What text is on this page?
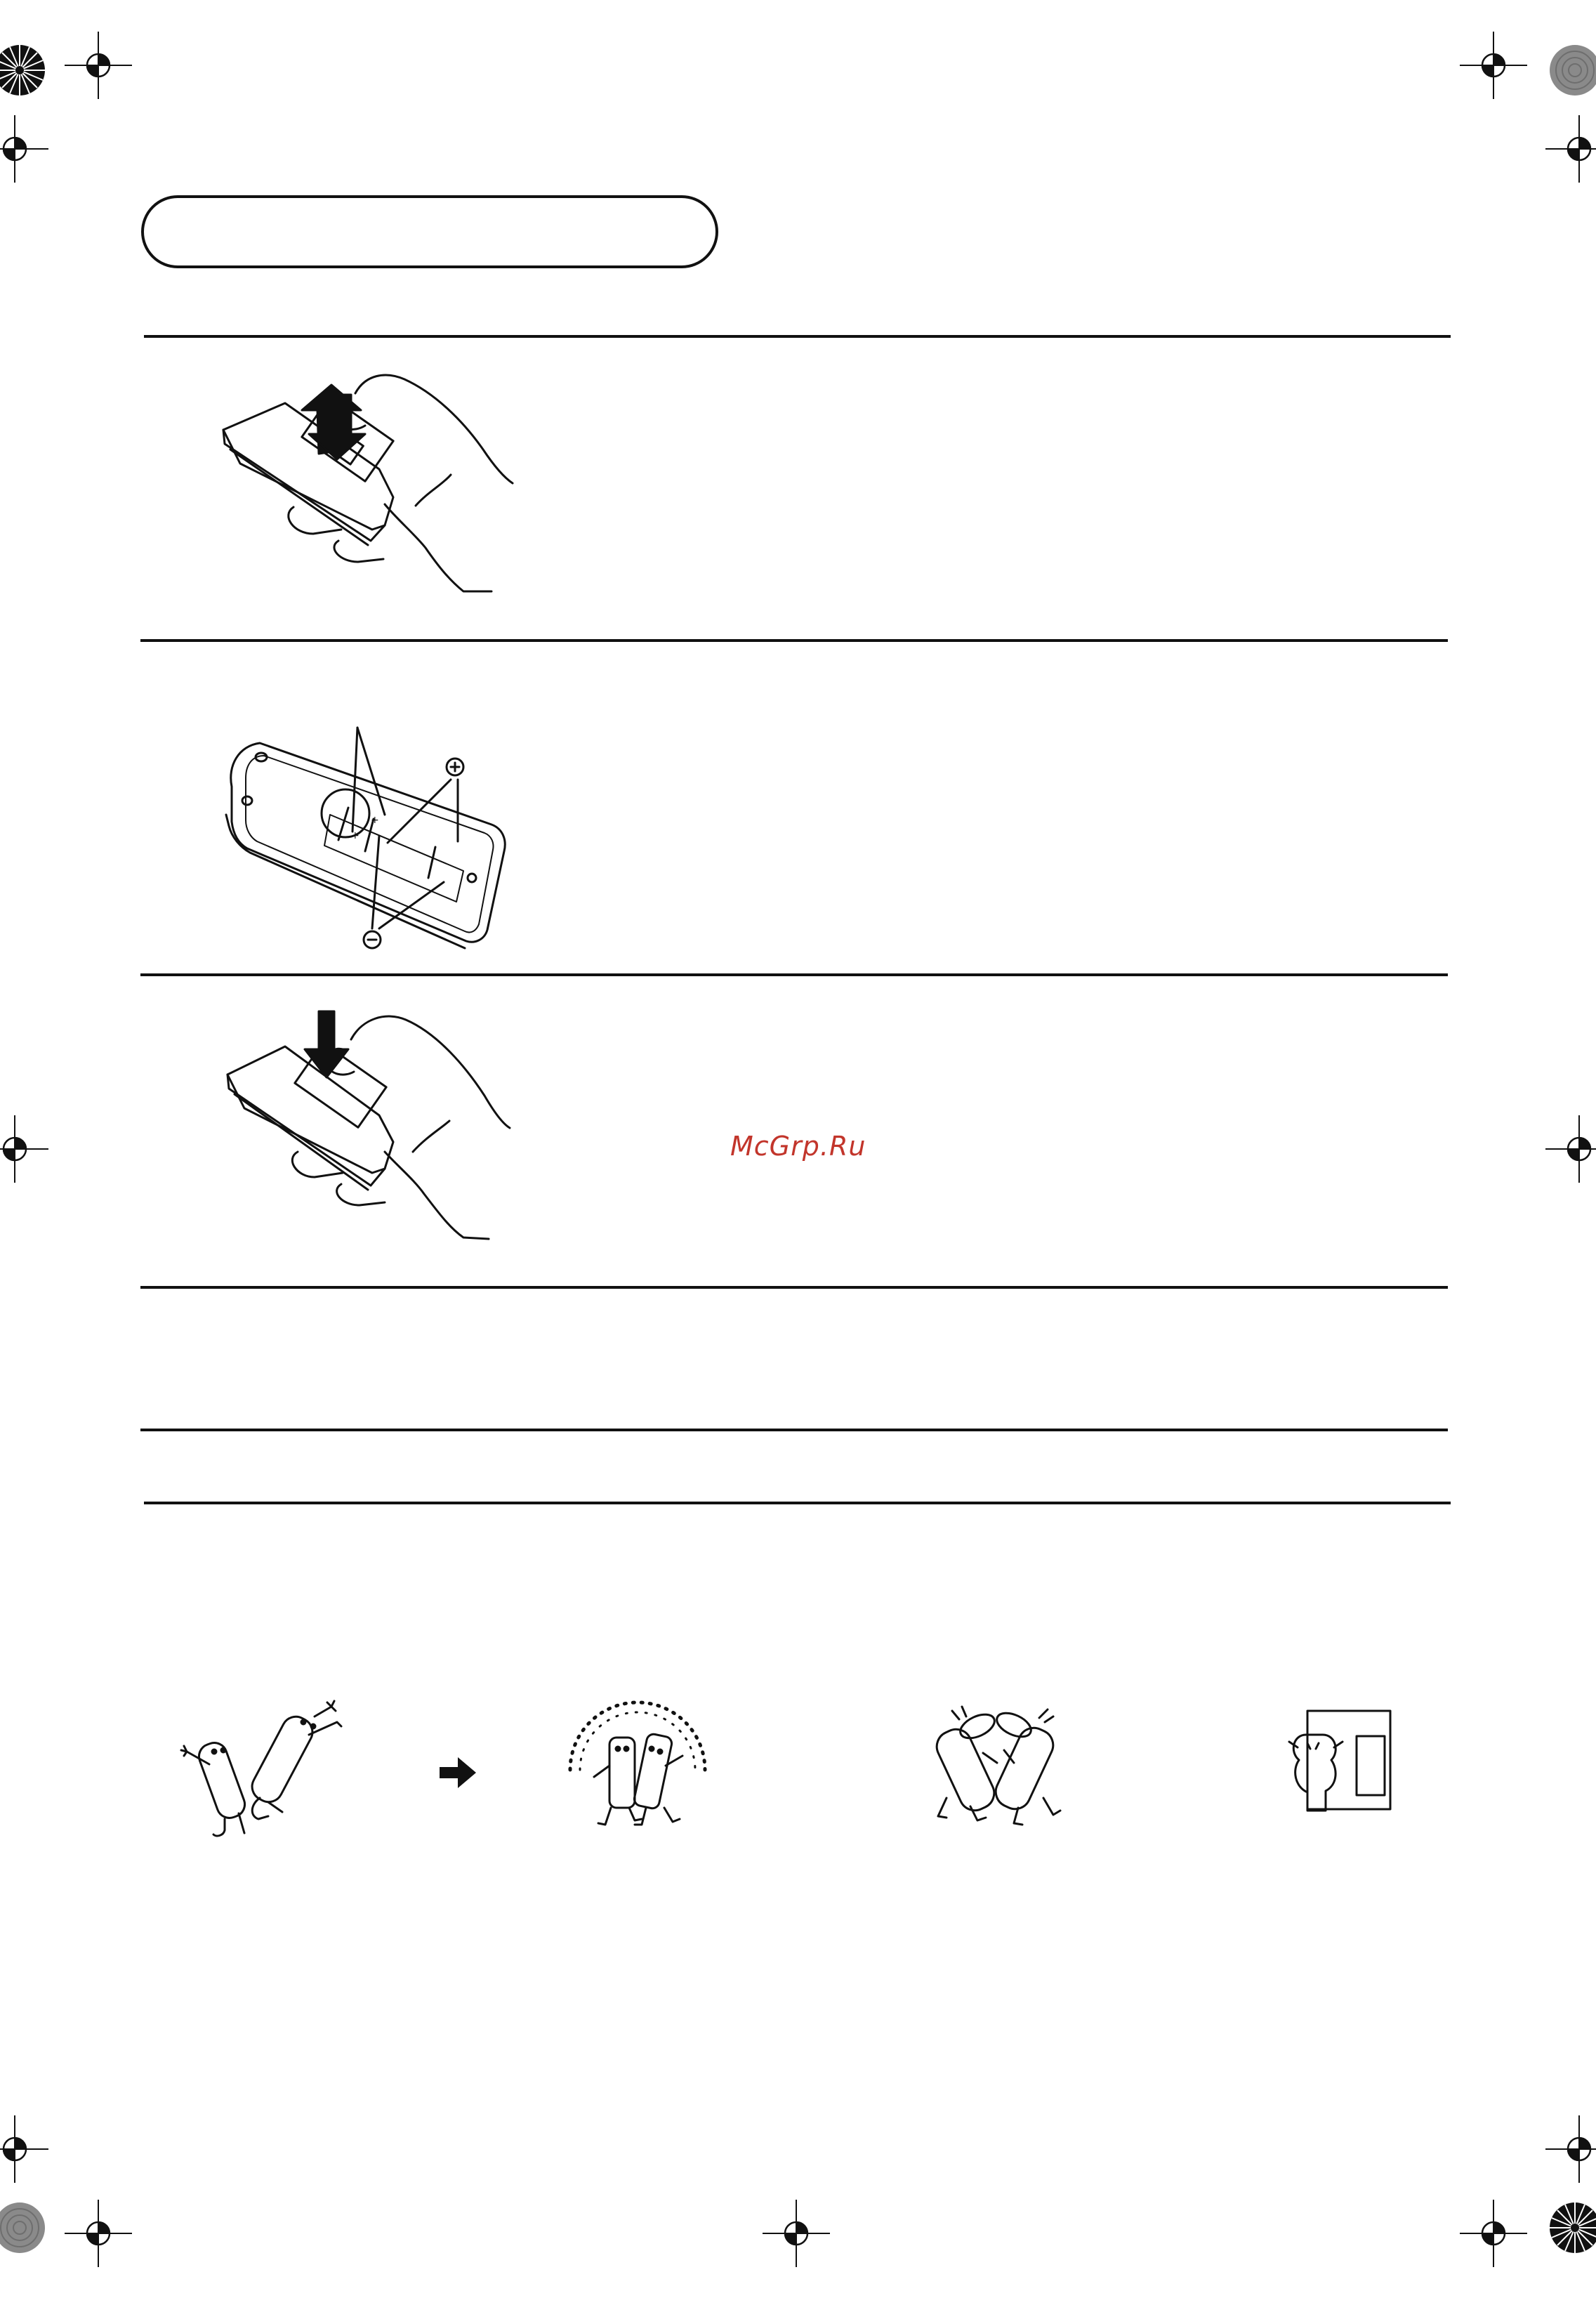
+
+
McGrp.Ru
